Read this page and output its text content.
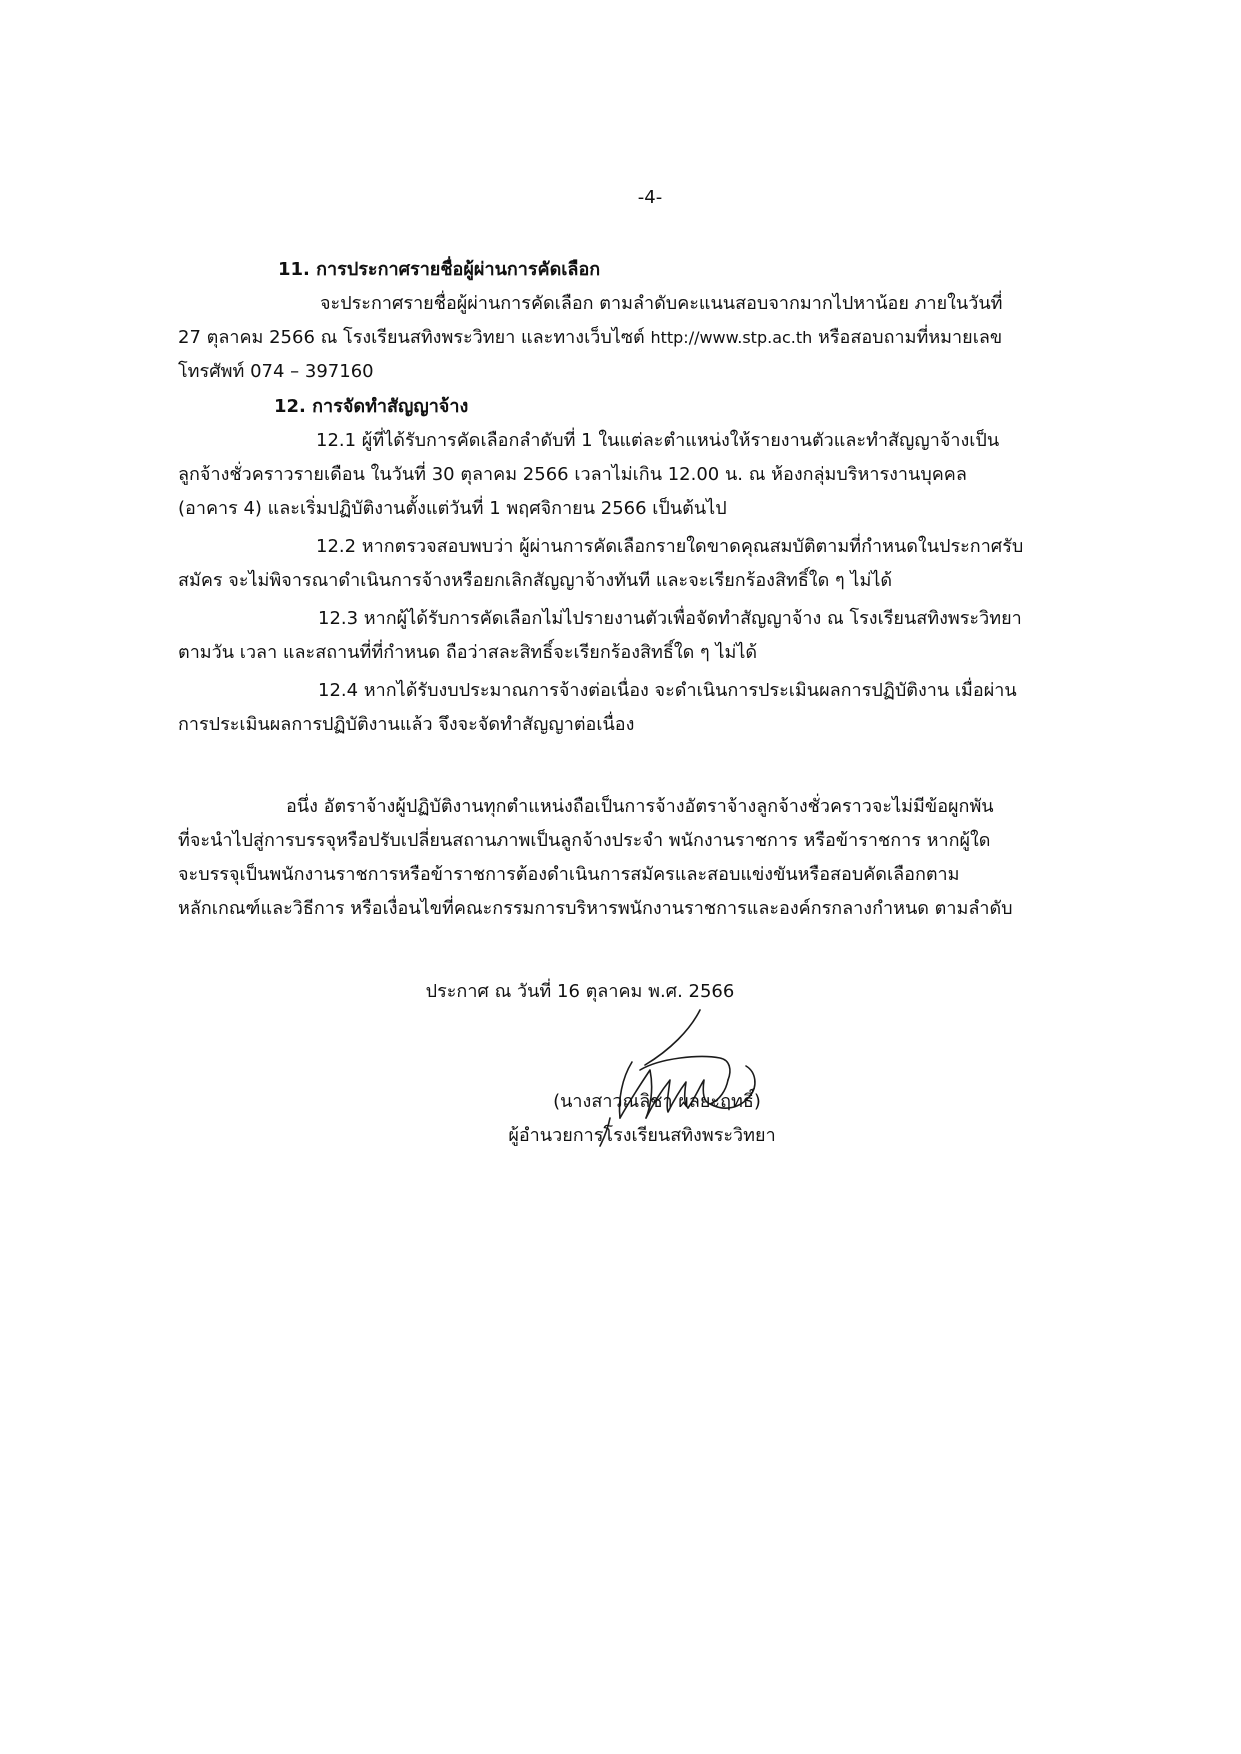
-4-
11. การประกาศรายชื่อผู้ผ่านการคัดเลือก
จะประกาศรายชื่อผู้ผ่านการคัดเลือก ตามลำดับคะแนนสอบจากมากไปหาน้อย ภายในวันที่
27 ตุลาคม 2566 ณ โรงเรียนสทิงพระวิทยา และทางเว็บไซต์ http://www.stp.ac.th หรือสอบถามที่หมายเลข
โทรศัพท์ 074 – 397160
12. การจัดทำสัญญาจ้าง
12.1 ผู้ที่ได้รับการคัดเลือกลำดับที่ 1 ในแต่ละตำแหน่งให้รายงานตัวและทำสัญญาจ้างเป็น
ลูกจ้างชั่วคราวรายเดือน ในวันที่ 30 ตุลาคม 2566 เวลาไม่เกิน 12.00 น. ณ ห้องกลุ่มบริหารงานบุคคล
(อาคาร 4) และเริ่มปฏิบัติงานตั้งแต่วันที่ 1 พฤศจิกายน 2566 เป็นต้นไป
12.2 หากตรวจสอบพบว่า ผู้ผ่านการคัดเลือกรายใดขาดคุณสมบัติตามที่กำหนดในประกาศรับ
สมัคร จะไม่พิจารณาดำเนินการจ้างหรือยกเลิกสัญญาจ้างทันที และจะเรียกร้องสิทธิ์ใด ๆ ไม่ได้
12.3 หากผู้ได้รับการคัดเลือกไม่ไปรายงานตัวเพื่อจัดทำสัญญาจ้าง ณ โรงเรียนสทิงพระวิทยา
ตามวัน เวลา และสถานที่ที่กำหนด ถือว่าสละสิทธิ์จะเรียกร้องสิทธิ์ใด ๆ ไม่ได้
12.4 หากได้รับงบประมาณการจ้างต่อเนื่อง จะดำเนินการประเมินผลการปฏิบัติงาน เมื่อผ่าน
การประเมินผลการปฏิบัติงานแล้ว จึงจะจัดทำสัญญาต่อเนื่อง
อนึ่ง อัตราจ้างผู้ปฏิบัติงานทุกตำแหน่งถือเป็นการจ้างอัตราจ้างลูกจ้างชั่วคราวจะไม่มีข้อผูกพัน
ที่จะนำไปสู่การบรรจุหรือปรับเปลี่ยนสถานภาพเป็นลูกจ้างประจำ พนักงานราชการ หรือข้าราชการ หากผู้ใด
จะบรรจุเป็นพนักงานราชการหรือข้าราชการต้องดำเนินการสมัครและสอบแข่งขันหรือสอบคัดเลือกตาม
หลักเกณฑ์และวิธีการ หรือเงื่อนไขที่คณะกรรมการบริหารพนักงานราชการและองค์กรกลางกำหนด ตามลำดับ
ประกาศ ณ วันที่ 16 ตุลาคม พ.ศ. 2566
(นางสาวณลิชา ผลยะฤทธิ์)
ผู้อำนวยการโรงเรียนสทิงพระวิทยา
